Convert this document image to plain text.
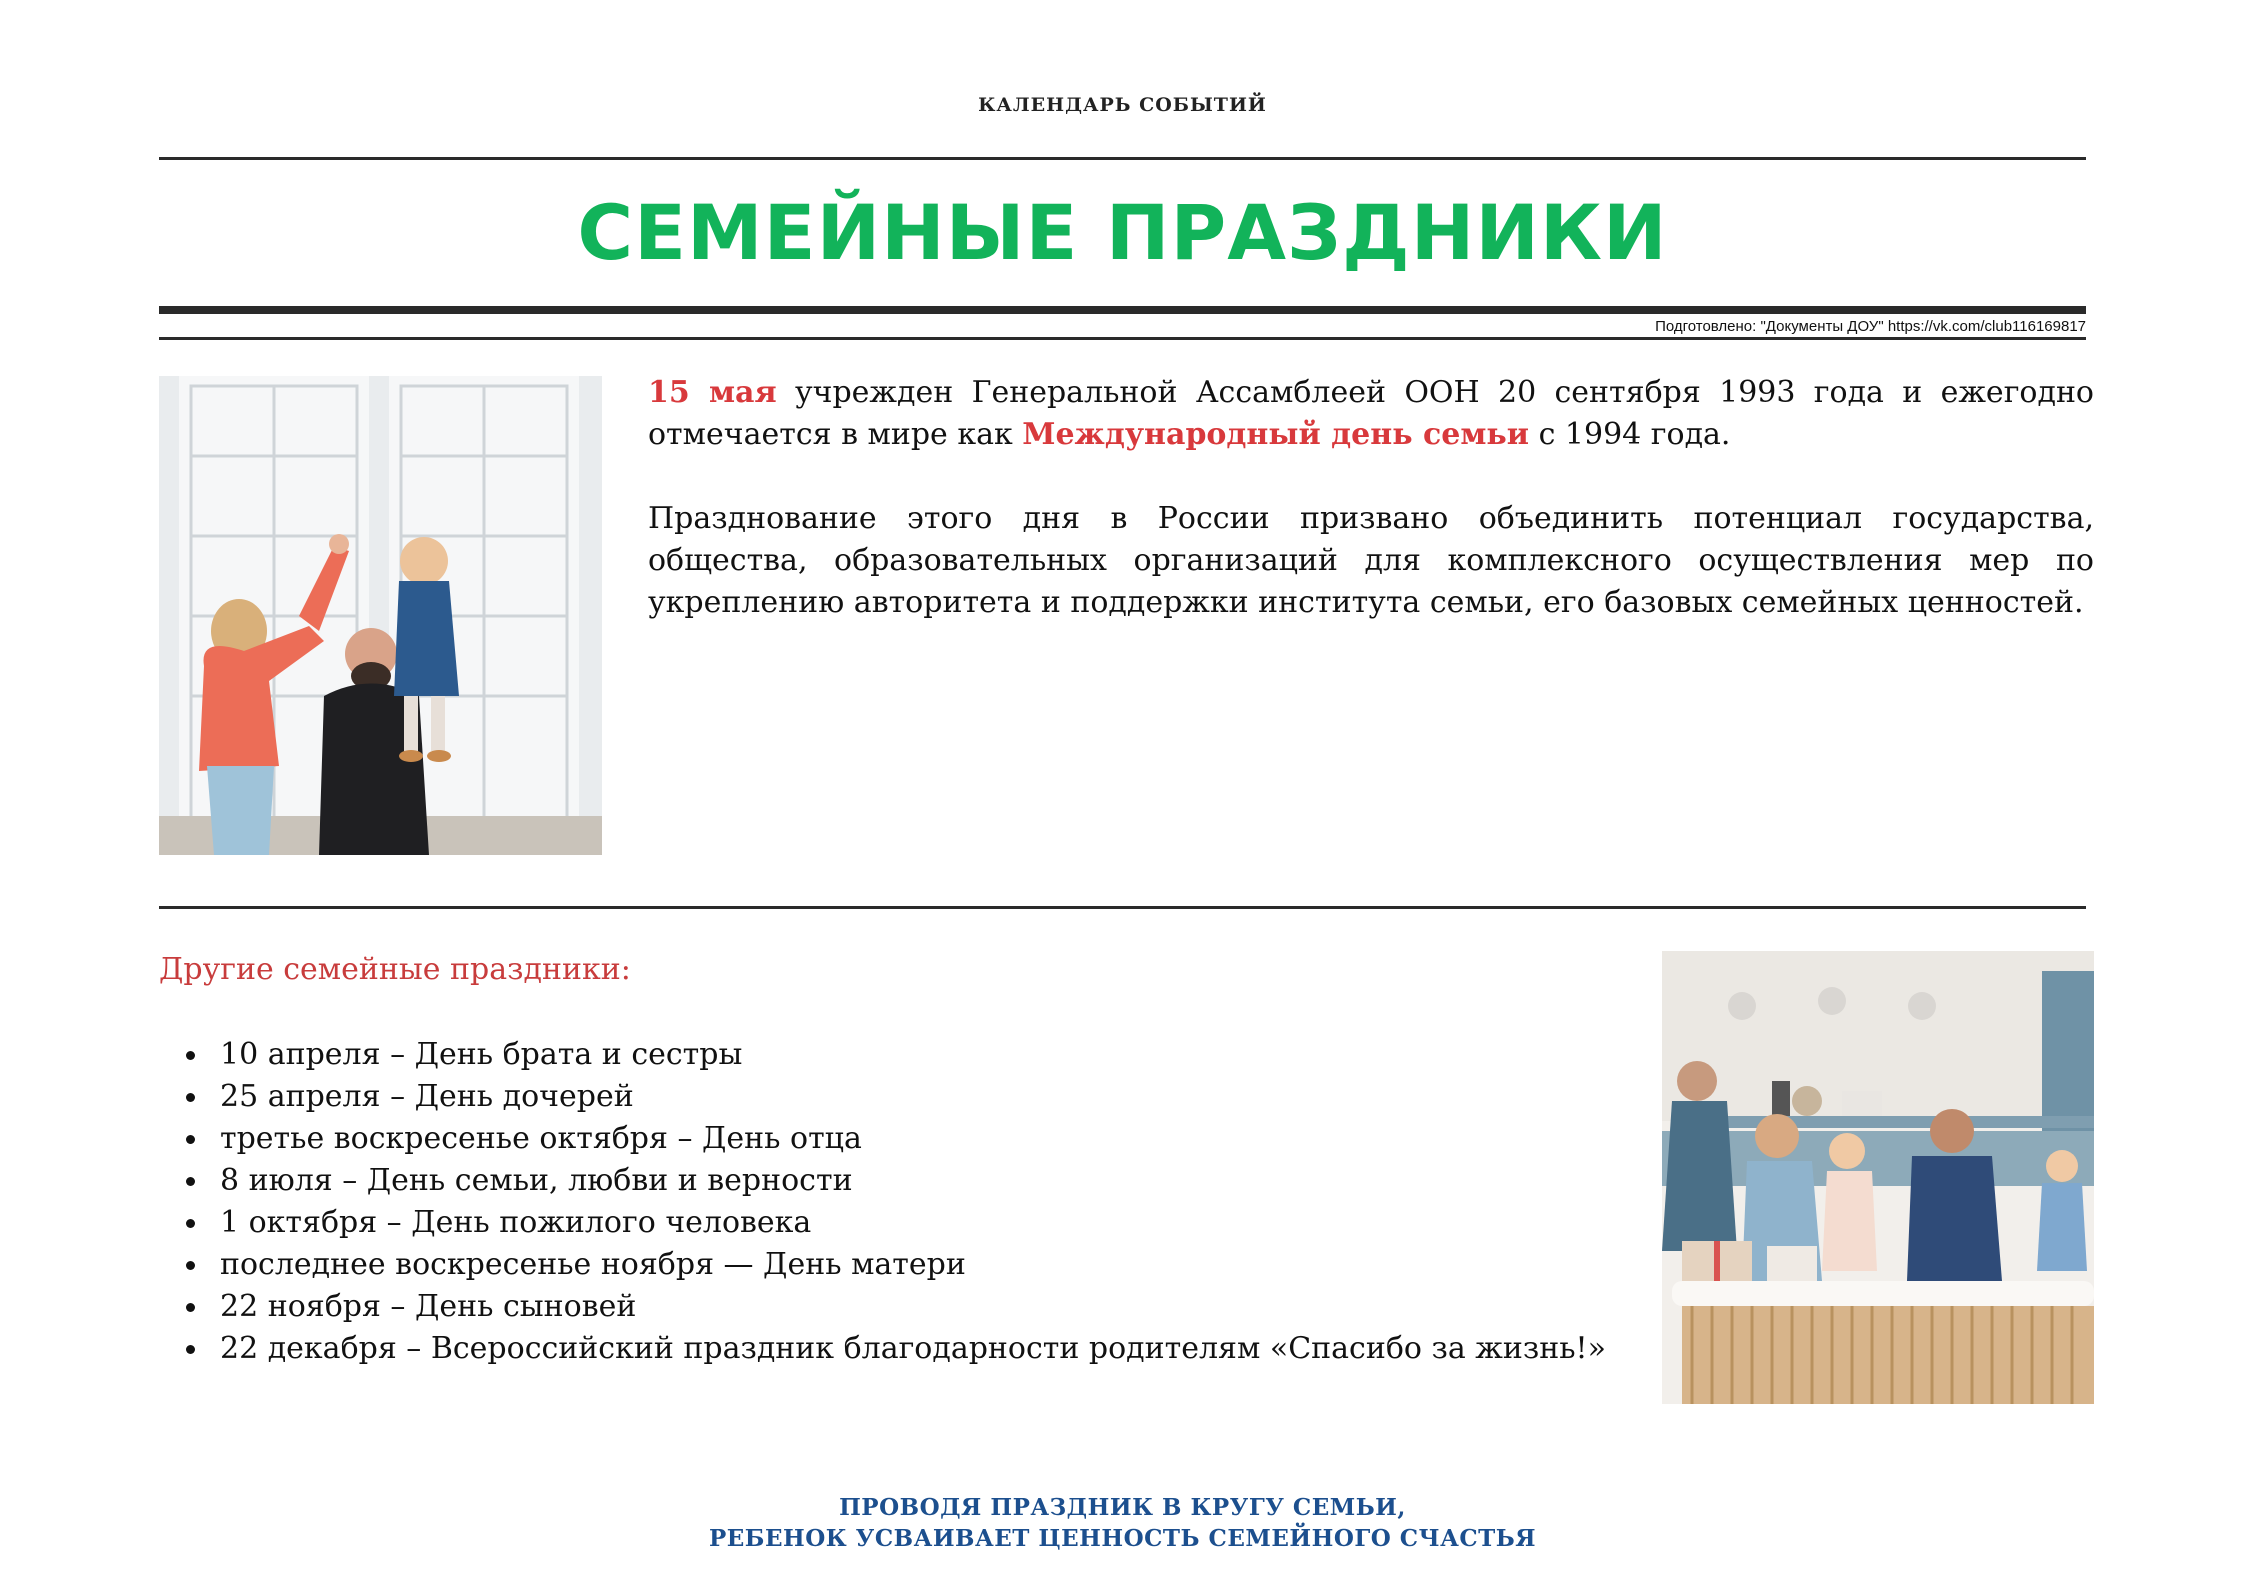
КАЛЕНДАРЬ СОБЫТИЙ
СЕМЕЙНЫЕ ПРАЗДНИКИ
Подготовлено: "Документы ДОУ" https://vk.com/club116169817

15 мая учрежден Генеральной Ассамблеей ООН 20 сентября 1993 года и ежегодно отмечается в мире как Международный день семьи с 1994 года.

Празднование этого дня в России призвано объединить потенциал государства, общества, образовательных организаций для комплексного осуществления мер по укреплению авторитета и поддержки института семьи, его базовых семейных ценностей.

Другие семейные праздники:
10 апреля – День брата и сестры
25 апреля – День дочерей
третье воскресенье октября – День отца
8 июля – День семьи, любви и верности
1 октября – День пожилого человека
последнее воскресенье ноября — День матери
22 ноября – День сыновей
22 декабря – Всероссийский праздник благодарности родителям «Спасибо за жизнь!»
ПРОВОДЯ ПРАЗДНИК В КРУГУ СЕМЬИ,
РЕБЕНОК УСВАИВАЕТ ЦЕННОСТЬ СЕМЕЙНОГО СЧАСТЬЯ
